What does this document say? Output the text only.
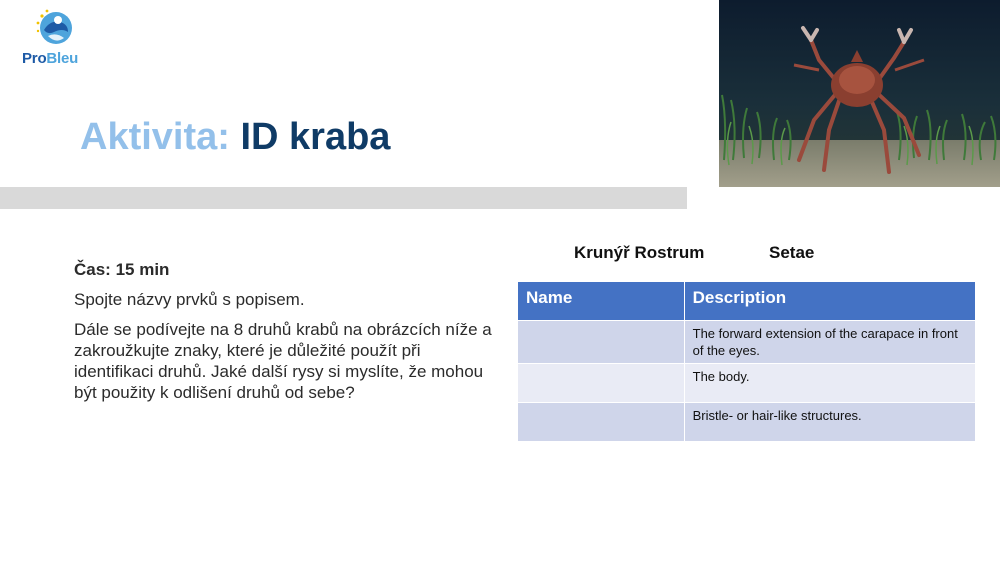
ProBleu
Aktivita: ID kraba
Čas: 15 min

Spojte názvy prvků s popisem.

Dále se podívejte na 8 druhů krabů na obrázcích níže a zakroužkujte znaky, které je důležité použít při identifikaci druhů. Jaké další rysy si myslíte, že mohou být použity k odlišení druhů od sebe?

Krunýř Rostrum	Setae
Name	Description
	The forward extension of the carapace in front of the eyes.
	The body.
	Bristle- or hair-like structures.
